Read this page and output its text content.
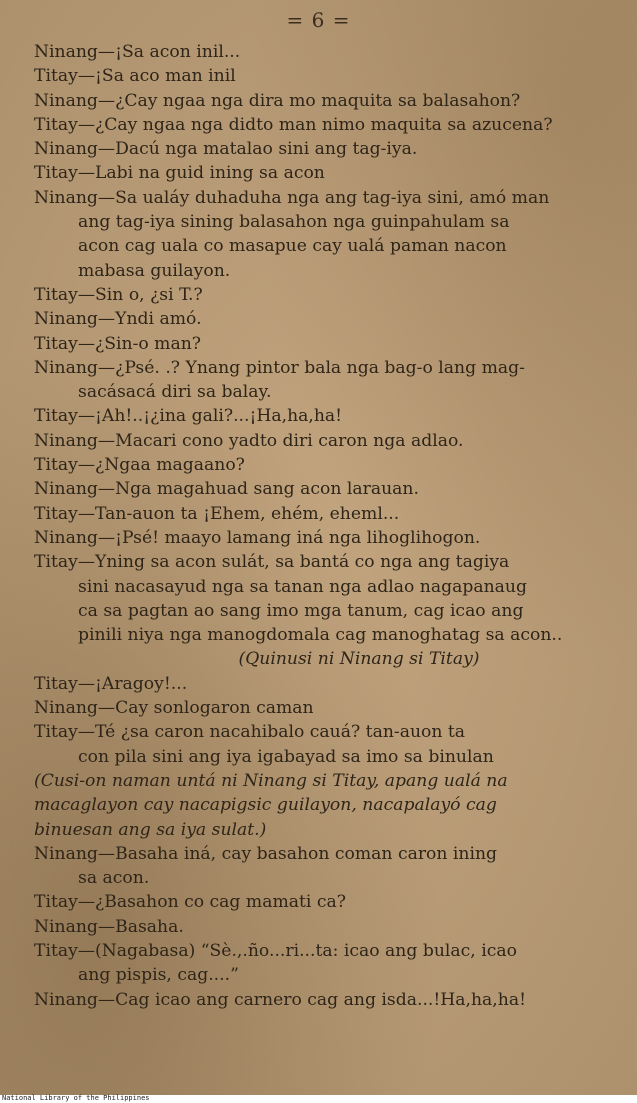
= 6 =
Ninang—¡Sa acon inil...
Titay—¡Sa aco man inil
Ninang—¿Cay ngaa nga dira mo maquita sa balasahon?
Titay—¿Cay ngaa nga didto man nimo maquita sa azucena?
Ninang—Dacú nga matalao sini ang tag-iya.
Titay—Labi na guid ining sa acon
Ninang—Sa ualáy duhaduha nga ang tag-iya sini, amó man
ang tag-iya sining balasahon nga guinpahulam sa
acon cag uala co masapue cay ualá paman nacon
mabasa guilayon.
Titay—Sin o, ¿si T.?
Ninang—Yndi amó.
Titay—¿Sin-o man?
Ninang—¿Psé. .? Ynang pintor bala nga bag-o lang mag-
sacásacá diri sa balay.
Titay—¡Ah!..¡¿ina gali?...¡Ha,ha,ha!
Ninang—Macari cono yadto diri caron nga adlao.
Titay—¿Ngaa magaano?
Ninang—Nga magahuad sang acon larauan.
Titay—Tan-auon ta ¡Ehem, ehém, eheml...
Ninang—¡Psé! maayo lamang iná nga lihoglihogon.
Titay—Yning sa acon sulát, sa bantá co nga ang tagiya
sini nacasayud nga sa tanan nga adlao nagapanaug
ca sa pagtan ao sang imo mga tanum, cag icao ang
pinili niya nga manogdomala cag manoghatag sa acon..
(Quinusi ni Ninang si Titay)
Titay—¡Aragoy!...
Ninang—Cay sonlogaron caman
Titay—Té ¿sa caron nacahibalo cauá? tan-auon ta
con pila sini ang iya igabayad sa imo sa binulan
(Cusi-on naman untá ni Ninang si Titay, apang ualá na
macaglayon cay nacapigsic guilayon, nacapalayó cag
binuesan ang sa iya sulat.)
Ninang—Basaha iná, cay basahon coman caron ining
sa acon.
Titay—¿Basahon co cag mamati ca?
Ninang—Basaha.
Titay—(Nagabasa) “Sè.,.ño...ri...ta: icao ang bulac, icao
ang pispis, cag....”
Ninang—Cag icao ang carnero cag ang isda...!Ha,ha,ha!
National Library of the Philippines
